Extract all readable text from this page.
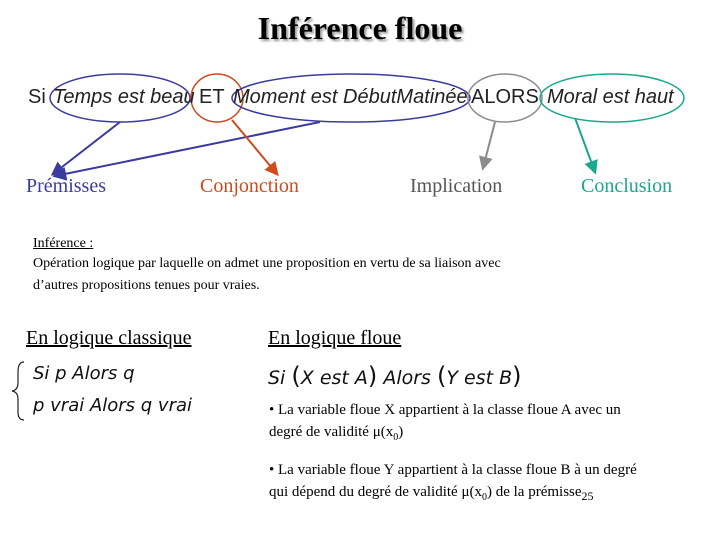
Inférence floue
Si Temps est beau ET Moment est DébutMatinée ALORS Moral est haut
Prémisses	Conjonction	Implication	Conclusion
Inférence :
Opération logique par laquelle on admet une proposition en vertu de sa liaison avec
d’autres propositions tenues pour vraies.
En logique classique
Si p Alors q
p vrai Alors q vrai
En logique floue
Si (X est A) Alors (Y est B)
• La variable floue X appartient à la classe floue A avec un
degré de validité $\mu(x_0)$
• La variable floue Y appartient à la classe floue B à un degré
qui dépend du degré de validité $\mu(x_0)$ de la prémisse$_{25}$
